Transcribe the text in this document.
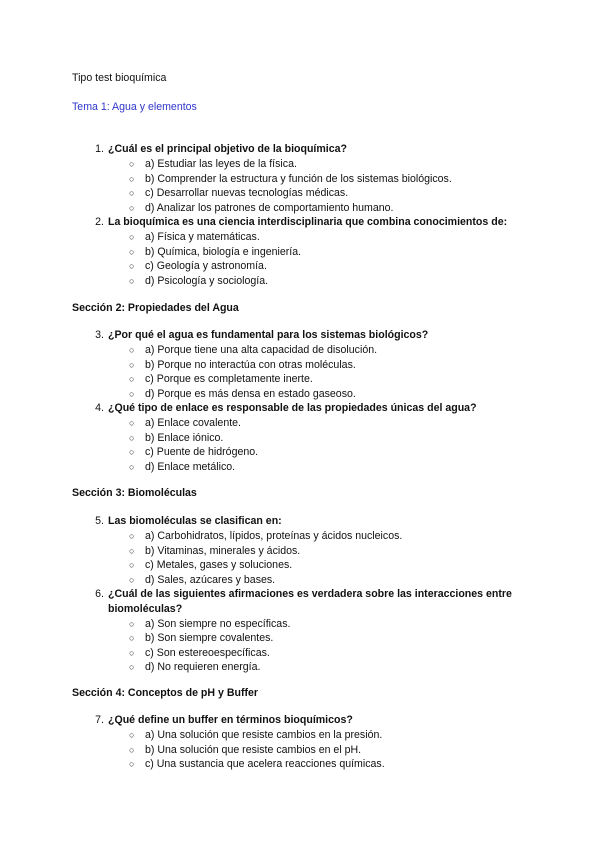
Tipo test bioquímica
Tema 1: Agua y elementos
1. ¿Cuál es el principal objetivo de la bioquímica?
○ a) Estudiar las leyes de la física.
○ b) Comprender la estructura y función de los sistemas biológicos.
○ c) Desarrollar nuevas tecnologías médicas.
○ d) Analizar los patrones de comportamiento humano.
2. La bioquímica es una ciencia interdisciplinaria que combina conocimientos de:
○ a) Física y matemáticas.
○ b) Química, biología e ingeniería.
○ c) Geología y astronomía.
○ d) Psicología y sociología.
Sección 2: Propiedades del Agua
3. ¿Por qué el agua es fundamental para los sistemas biológicos?
○ a) Porque tiene una alta capacidad de disolución.
○ b) Porque no interactúa con otras moléculas.
○ c) Porque es completamente inerte.
○ d) Porque es más densa en estado gaseoso.
4. ¿Qué tipo de enlace es responsable de las propiedades únicas del agua?
○ a) Enlace covalente.
○ b) Enlace iónico.
○ c) Puente de hidrógeno.
○ d) Enlace metálico.
Sección 3: Biomoléculas
5. Las biomoléculas se clasifican en:
○ a) Carbohidratos, lípidos, proteínas y ácidos nucleicos.
○ b) Vitaminas, minerales y ácidos.
○ c) Metales, gases y soluciones.
○ d) Sales, azúcares y bases.
6. ¿Cuál de las siguientes afirmaciones es verdadera sobre las interacciones entre biomoléculas?
○ a) Son siempre no específicas.
○ b) Son siempre covalentes.
○ c) Son estereoespecíficas.
○ d) No requieren energía.
Sección 4: Conceptos de pH y Buffer
7. ¿Qué define un buffer en términos bioquímicos?
○ a) Una solución que resiste cambios en la presión.
○ b) Una solución que resiste cambios en el pH.
○ c) Una sustancia que acelera reacciones químicas.
